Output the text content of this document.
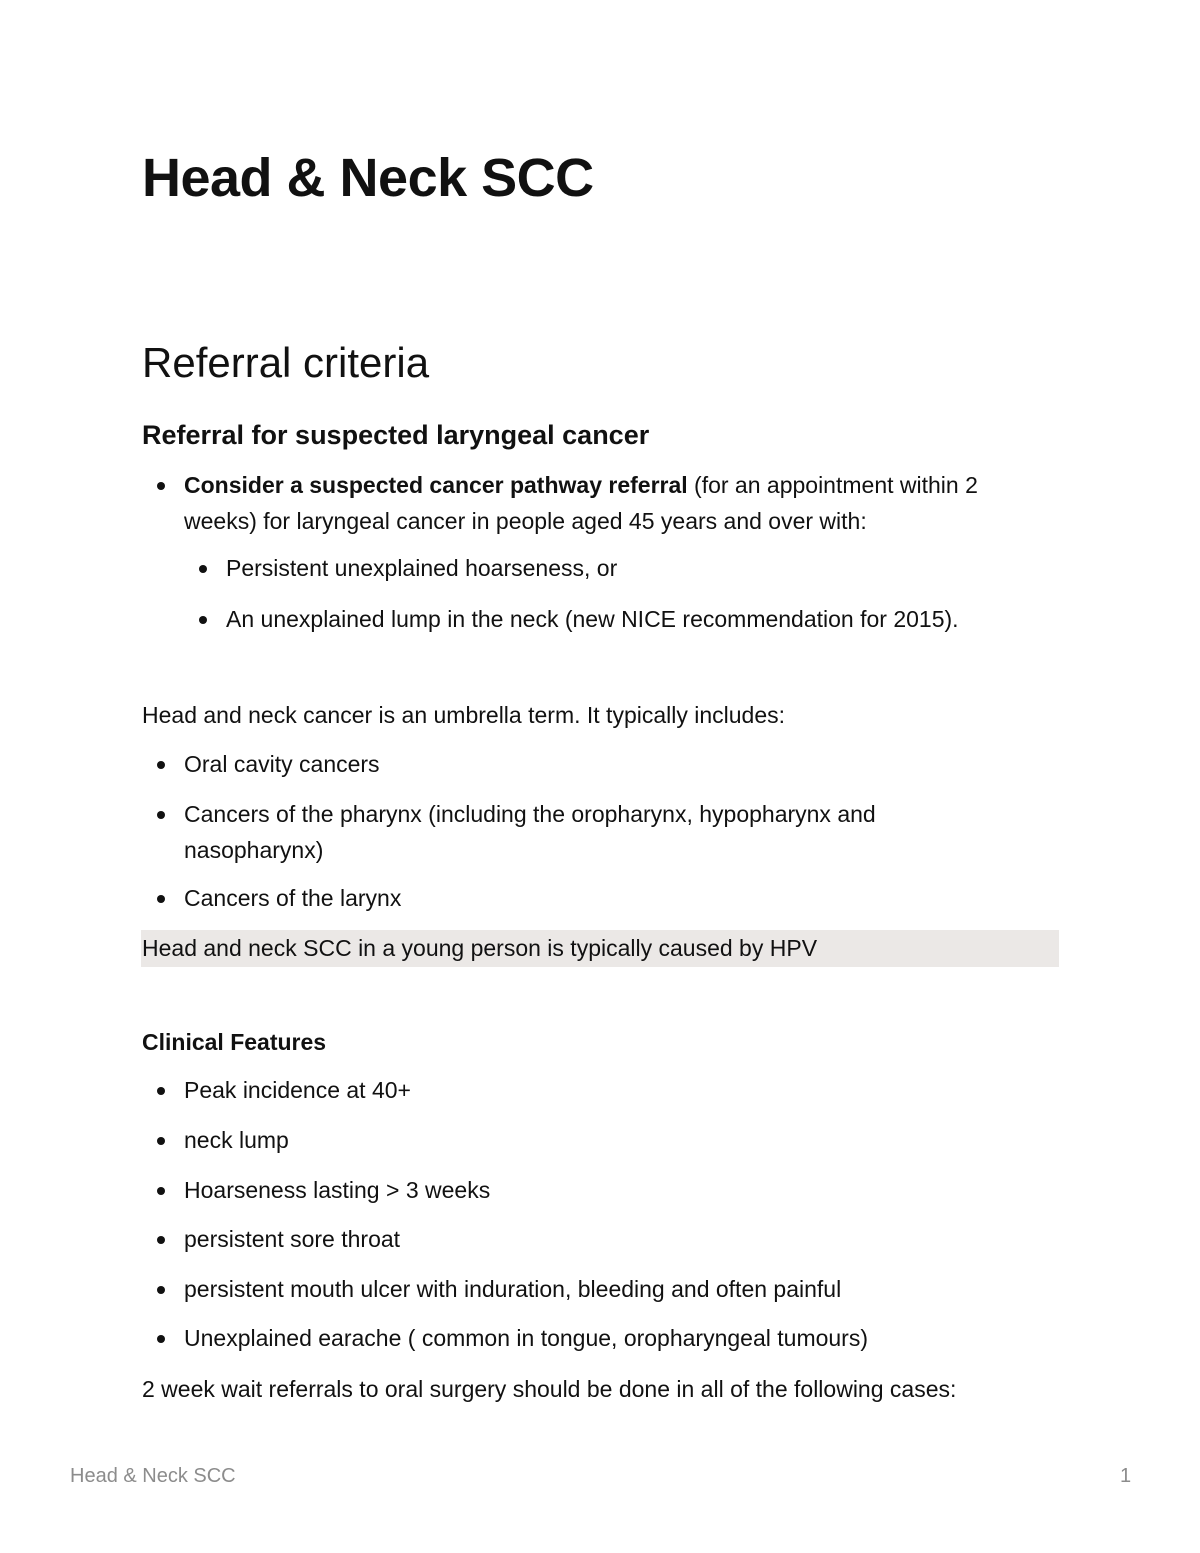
Head & Neck SCC
Referral criteria
Referral for suspected laryngeal cancer
Consider a suspected cancer pathway referral (for an appointment within 2
weeks) for laryngeal cancer in people aged 45 years and over with:
Persistent unexplained hoarseness, or
An unexplained lump in the neck (new NICE recommendation for 2015).

Head and neck cancer is an umbrella term. It typically includes:

Oral cavity cancers
Cancers of the pharynx (including the oropharynx, hypopharynx and
nasopharynx)
Cancers of the larynx
Head and neck SCC in a young person is typically caused by HPV

Clinical Features

Peak incidence at 40+
neck lump
Hoarseness lasting > 3 weeks
persistent sore throat
persistent mouth ulcer with induration, bleeding and often painful
Unexplained earache ( common in tongue, oropharyngeal tumours)

2 week wait referrals to oral surgery should be done in all of the following cases:

Head & Neck SCC	1
